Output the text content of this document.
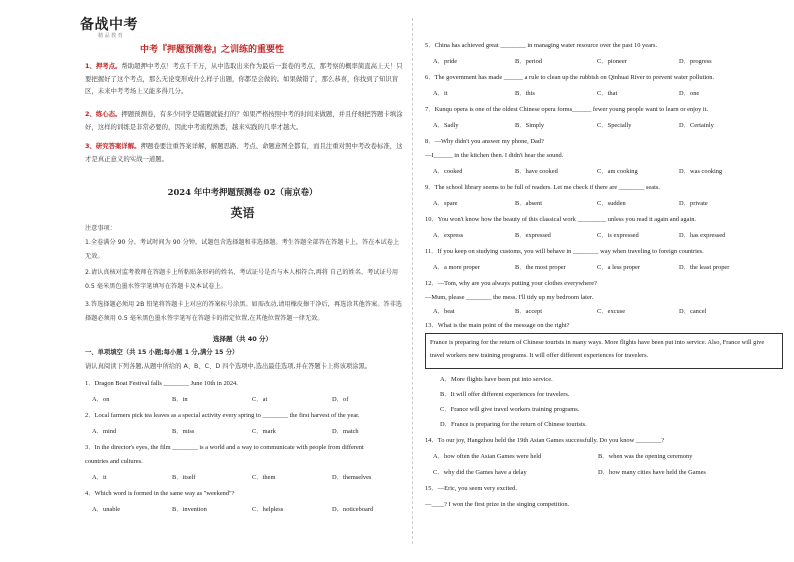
备战中考
精 品 教 育
中考『押题预测卷』之训练的重要性
1、押考点。帮助超押中考点！考点千千万，从中选取出来作为最后一套卷的考点，那考察的概率简直高上天！只要把握好了这个考点，那么无论变形成什么样子出题，你都是会做的。如果做错了，那么恭喜，你找到了知识盲区，未来中考考场上又能多得几分。
2、练心态。押题预测卷，有多少同学是瞄题就能打的？如果严格按照中考的时间来做题，并且仔细把答题卡填涂好，这样的训练是非常必要的，因此中考流程熟悉，越来实践的几率才越大。
3、研究答案详解。押题卷要注重答案详解，解题思路、考点、命题意图全都有，而且注重对照中考改卷标准，这才是真正意义的实战一道题。
2024 年中考押题预测卷 02（南京卷）
英语
注意事项：
1.全卷满分 90 分。考试时间为 90 分钟。试题包含选择题和非选择题。考生答题全部答在答题卡上，答在本试卷上无效。
2.请认真核对监考教师在答题卡上所粘贴条形码的姓名、考试证号是否与本人相符合,再将 自己的姓名、考试证号用 0.5 毫米黑色墨水签字笔填写在答题卡及本试卷上。
3.答选择题必须用 2B 铅笔将答题卡上对应的答案标号涂黑。如需改动,请用橡皮擦干净后，再选涂其他答案。答非选择题必须用 0.5 毫米黑色墨水签字笔写在答题卡的指定位置,在其他位置答题一律无效。
选择题（共 40 分）
一、单项填空（共 15 小题;每小题 1 分,满分 15 分）
请认真阅读下列各题,从题中所给的 A、B、C、D 四个选项中,选出最佳选项,并在答题卡上将该项涂黑。
1．Dragon Boat Festival falls ________ June 10th in 2024.
A．on	B．in	C．at	D．of
2．Local farmers pick tea leaves as a special activity every spring to ________ the first harvest of the year.
A．mind	B．miss	C．mark	D．match
3．In the director's eyes, the film ________ is a world and a way to communicate with people from different
countries and cultures.
A．it	B．itself	C．them	D．themselves
4．Which word is formed in the same way as "weekend"?
A．unable	B．invention	C．helpless	D．noticeboard
5．China has achieved great ________ in managing water resource over the past 10 years.
A．pride	B．period	C．pioneer	D．progress
6．The government has made ______ a rule to clean up the rubbish on Qinhuai River to prevent water pollution.
A．it	B．this	C．that	D．one
7．Kunqu opera is one of the oldest Chinese opera forms______ fewer young people want to learn or enjoy it.
A．Sadly	B．Simply	C．Specially	D．Certainly
8．—Why didn't you answer my phone, Dad?
—I______ in the kitchen then. I didn't hear the sound.
A．cooked	B．have cooked	C．am cooking	D．was cooking
9．The school library seems to be full of readers. Let me check if there are ________ seats.
A．spare	B．absent	C．sudden	D．private
10．You won't know how the beauty of this classical work _________ unless you read it again and again.
A．express	B．expressed	C．is expressed	D．has expressed
11．If you keep on studying customs, you will behave in ________ way when traveling to foreign countries.
A．a more proper	B．the most proper	C．a less proper	D．the least proper
12．—Tom, why are you always putting your clothes everywhere?
—Mum, please ________ the mess. I'll tidy up my bedroom later.
A．beat	B．accept	C．excuse	D．cancel
13．What is the main point of the message on the right?
France is preparing for the return of Chinese tourists in many ways. More flights have been put into service. Also, France will give travel workers new training programs. It will offer different experiences for travelers.
A．More flights have been put into service.
B．It will offer different experiences for travelers.
C．France will give travel workers training programs.
D．France is preparing for the return of Chinese tourists.
14．To our joy, Hangzhou held the 19th Asian Games successfully. Do you know ________?
A．how often the Asian Games were held	B．when was the opening ceremony
C．why did the Games have a delay	D．how many cities have held the Games
15．—Eric, you seem very excited.
—____? I won the first prize in the singing competition.
